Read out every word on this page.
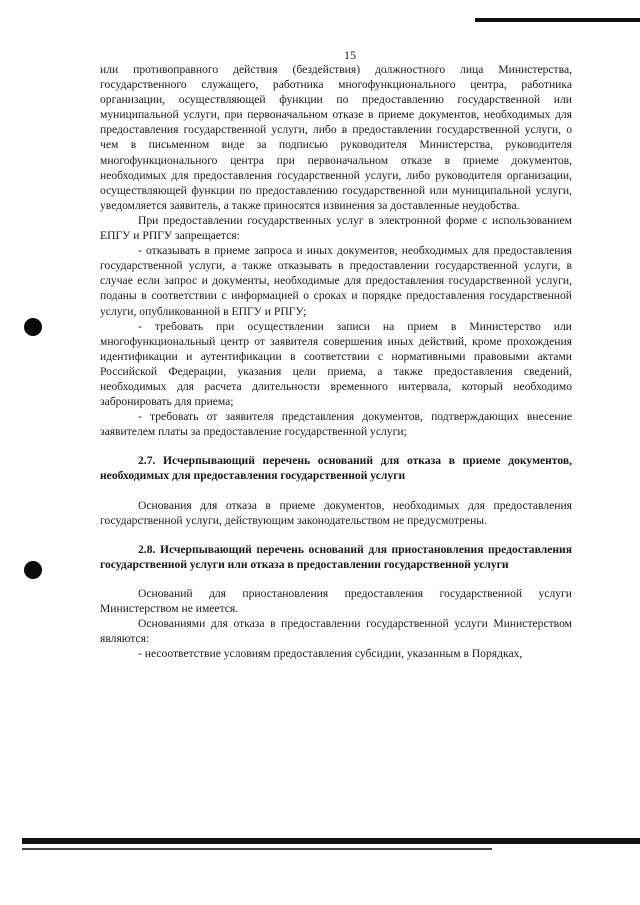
15

или противоправного действия (бездействия) должностного лица Министерства, государственного служащего, работника многофункционального центра, работника организации, осуществляющей функции по предоставлению государственной или муниципальной услуги, при первоначальном отказе в приеме документов, необходимых для предоставления государственной услуги, либо в предоставлении государственной услуги, о чем в письменном виде за подписью руководителя Министерства, руководителя многофункционального центра при первоначальном отказе в приеме документов, необходимых для предоставления государственной услуги, либо руководителя организации, осуществляющей функции по предоставлению государственной или муниципальной услуги, уведомляется заявитель, а также приносятся извинения за доставленные неудобства.

При предоставлении государственных услуг в электронной форме с использованием ЕПГУ и РПГУ запрещается:

- отказывать в приеме запроса и иных документов, необходимых для предоставления государственной услуги, а также отказывать в предоставлении государственной услуги, в случае если запрос и документы, необходимые для предоставления государственной услуги, поданы в соответствии с информацией о сроках и порядке предоставления государственной услуги, опубликованной в ЕПГУ и РПГУ;

- требовать при осуществлении записи на прием в Министерство или многофункциональный центр от заявителя совершения иных действий, кроме прохождения идентификации и аутентификации в соответствии с нормативными правовыми актами Российской Федерации, указания цели приема, а также предоставления сведений, необходимых для расчета длительности временного интервала, который необходимо забронировать для приема;

- требовать от заявителя представления документов, подтверждающих внесение заявителем платы за предоставление государственной услуги;

2.7. Исчерпывающий перечень оснований для отказа в приеме документов, необходимых для предоставления государственной услуги

Основания для отказа в приеме документов, необходимых для предоставления государственной услуги, действующим законодательством не предусмотрены.

2.8. Исчерпывающий перечень оснований для приостановления предоставления государственной услуги или отказа в предоставлении государственной услуги

Оснований для приостановления предоставления государственной услуги Министерством не имеется.

Основаниями для отказа в предоставлении государственной услуги Министерством являются:

- несоответствие условиям предоставления субсидии, указанным в Порядках,
